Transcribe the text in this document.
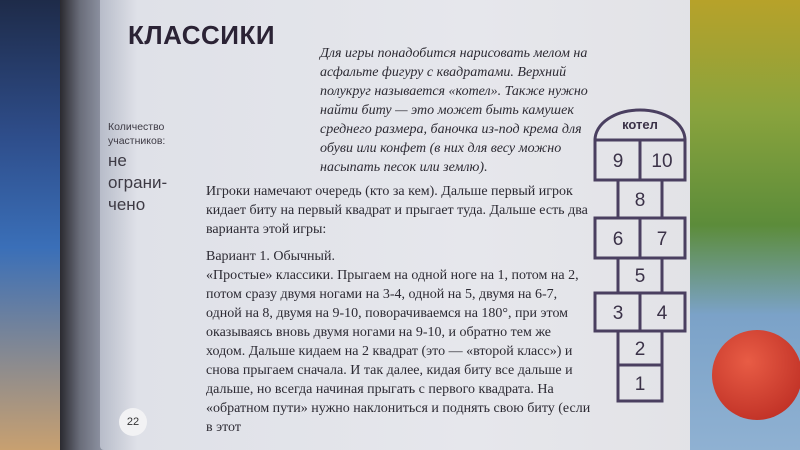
КЛАССИКИ
Количество участников:
не ограни-чено

Для игры понадобится нарисовать мелом на асфальте фигуру с квадратами. Верхний полукруг называется «котел». Также нужно найти биту — это может быть камушек среднего размера, баночка из-под крема для обуви или конфет (в них для весу можно насыпать песок или землю).

Игроки намечают очередь (кто за кем). Дальше первый игрок кидает биту на первый квадрат и прыгает туда. Дальше есть два варианта этой игры:

Вариант 1. Обычный.

«Простые» классики. Прыгаем на одной ноге на 1, потом на 2, потом сразу двумя ногами на 3-4, одной на 5, двумя на 6-7, одной на 8, двумя на 9-10, поворачиваемся на 180°, при этом оказываясь вновь двумя ногами на 9-10, и обратно тем же ходом. Дальше кидаем на 2 квадрат (это — «второй класс») и снова прыгаем сначала. И так далее, кидая биту все дальше и дальше, но всегда начиная прыгать с первого квадрата. На «обратном пути» нужно наклониться и поднять свою биту (если в этот

22
котел
9 10
8
6 7
5
3 4
2
1
